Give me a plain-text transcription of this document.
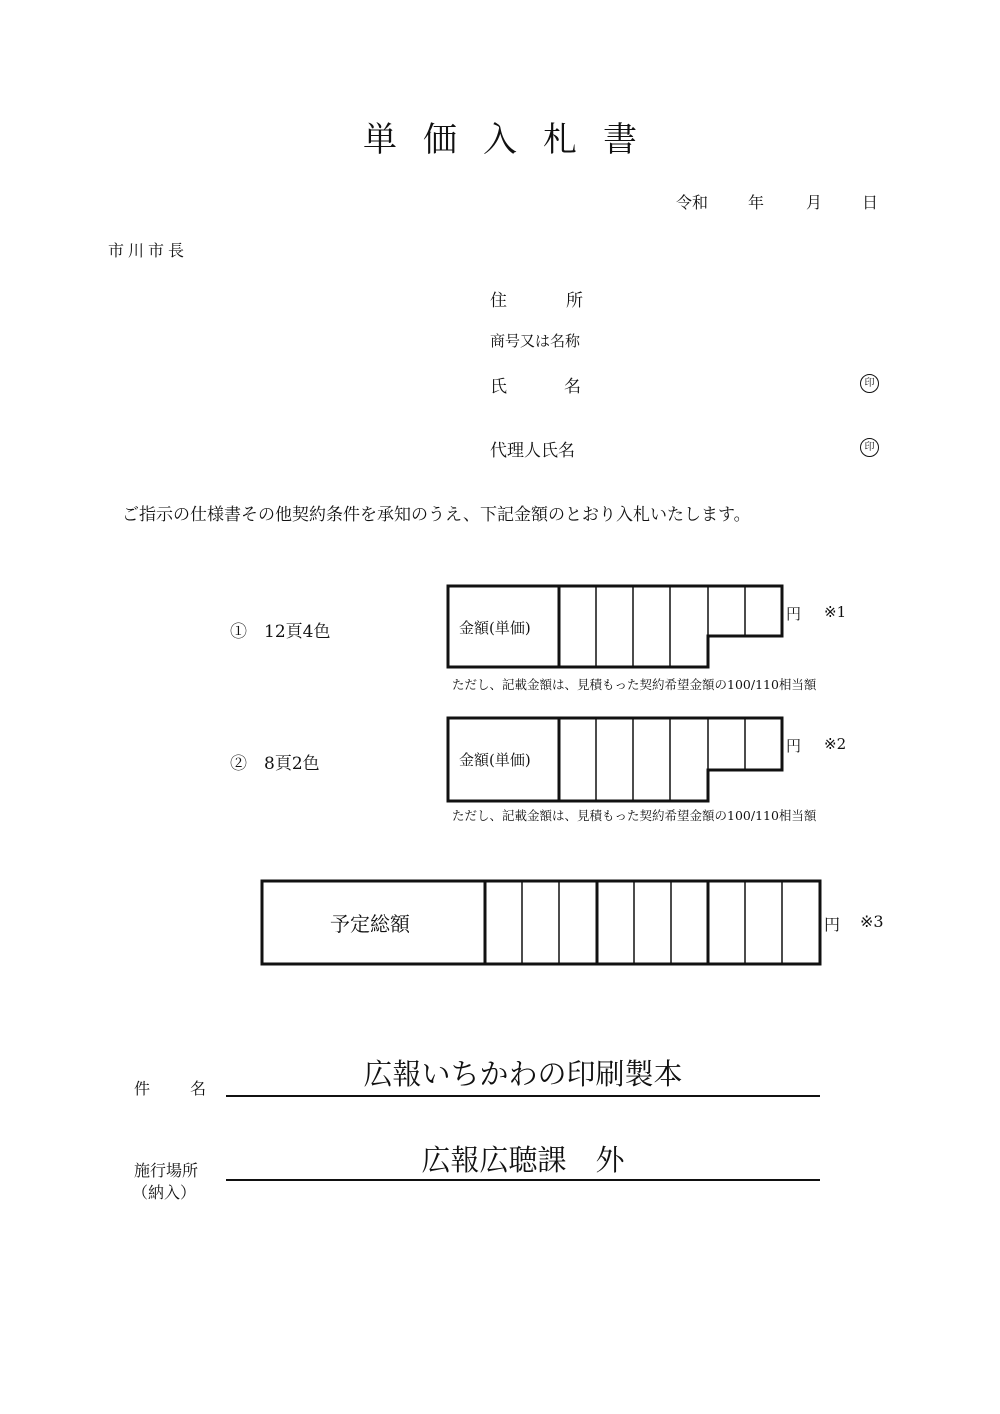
単価入札書
令和 年	月 日
市川市長
住	所
商号又は名称
氏	名	印
代理人氏名	印
ご指示の仕様書その他契約条件を承知のうえ、下記金額のとおり入札いたします。
①　12頁4色	金額(単価)
円 ※1
ただし、記載金額は、見積もった契約希望金額の100/110相当額
②　8頁2色	金額(単価)
円 ※2
ただし、記載金額は、見積もった契約希望金額の100/110相当額
予定総額	円 ※3
件 名	広報いちかわの印刷製本
施行場所
（納入）
広報広聴課　外
